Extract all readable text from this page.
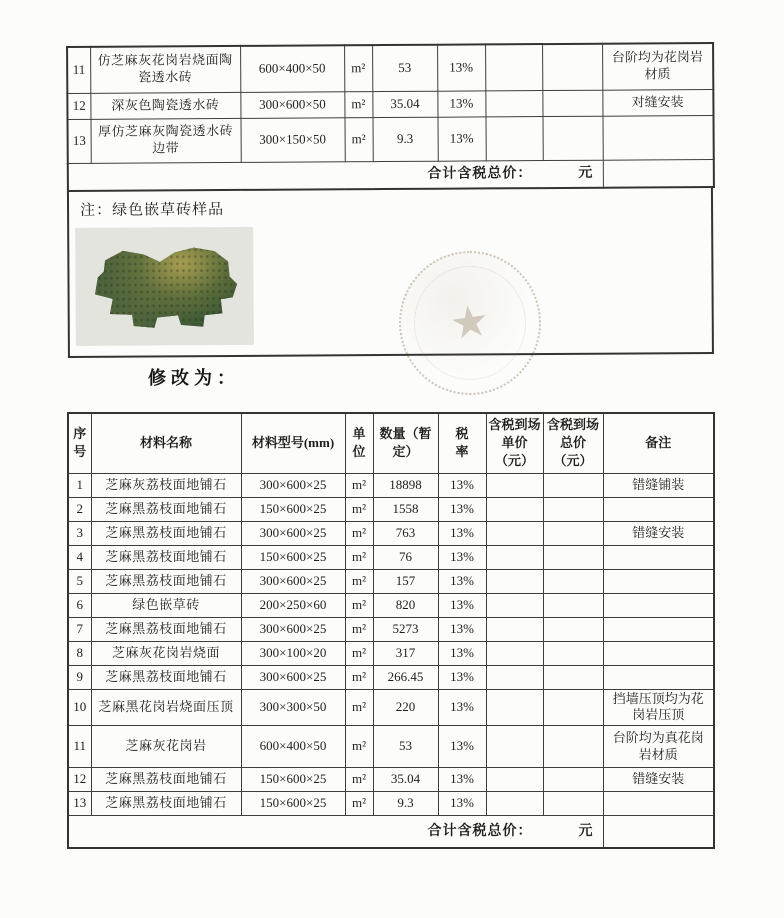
11	仿芝麻灰花岗岩烧面陶瓷透水砖	600×400×50	m²	53	13%			台阶均为花岗岩材质
12	深灰色陶瓷透水砖	300×600×50	m²	35.04	13%			对缝安装
13	厚仿芝麻灰陶瓷透水砖边带	300×150×50	m²	9.3	13%			

合计含税总价： 元								

注：绿色嵌草砖样品
★
修改为：
序号	材料名称	材料型号(mm)	单位	数量（暂定）	税率	含税到场单价（元）	含税到场总价（元）	备注
1	芝麻灰荔枝面地铺石	300×600×25	m²	18898	13%			错缝铺装
2	芝麻黑荔枝面地铺石	150×600×25	m²	1558	13%			
3	芝麻黑荔枝面地铺石	300×600×25	m²	763	13%			错缝安装
4	芝麻黑荔枝面地铺石	150×600×25	m²	76	13%			
5	芝麻黑荔枝面地铺石	300×600×25	m²	157	13%			
6	绿色嵌草砖	200×250×60	m²	820	13%			
7	芝麻黑荔枝面地铺石	300×600×25	m²	5273	13%			
8	芝麻灰花岗岩烧面	300×100×20	m²	317	13%			
9	芝麻黑荔枝面地铺石	300×600×25	m²	266.45	13%			
10	芝麻黑花岗岩烧面压顶	300×300×50	m²	220	13%			挡墙压顶均为花岗岩压顶
11	芝麻灰花岗岩	600×400×50	m²	53	13%			台阶均为真花岗岩材质
12	芝麻黑荔枝面地铺石	150×600×25	m²	35.04	13%			错缝安装
13	芝麻黑荔枝面地铺石	150×600×25	m²	9.3	13%			

合计含税总价： 元								
